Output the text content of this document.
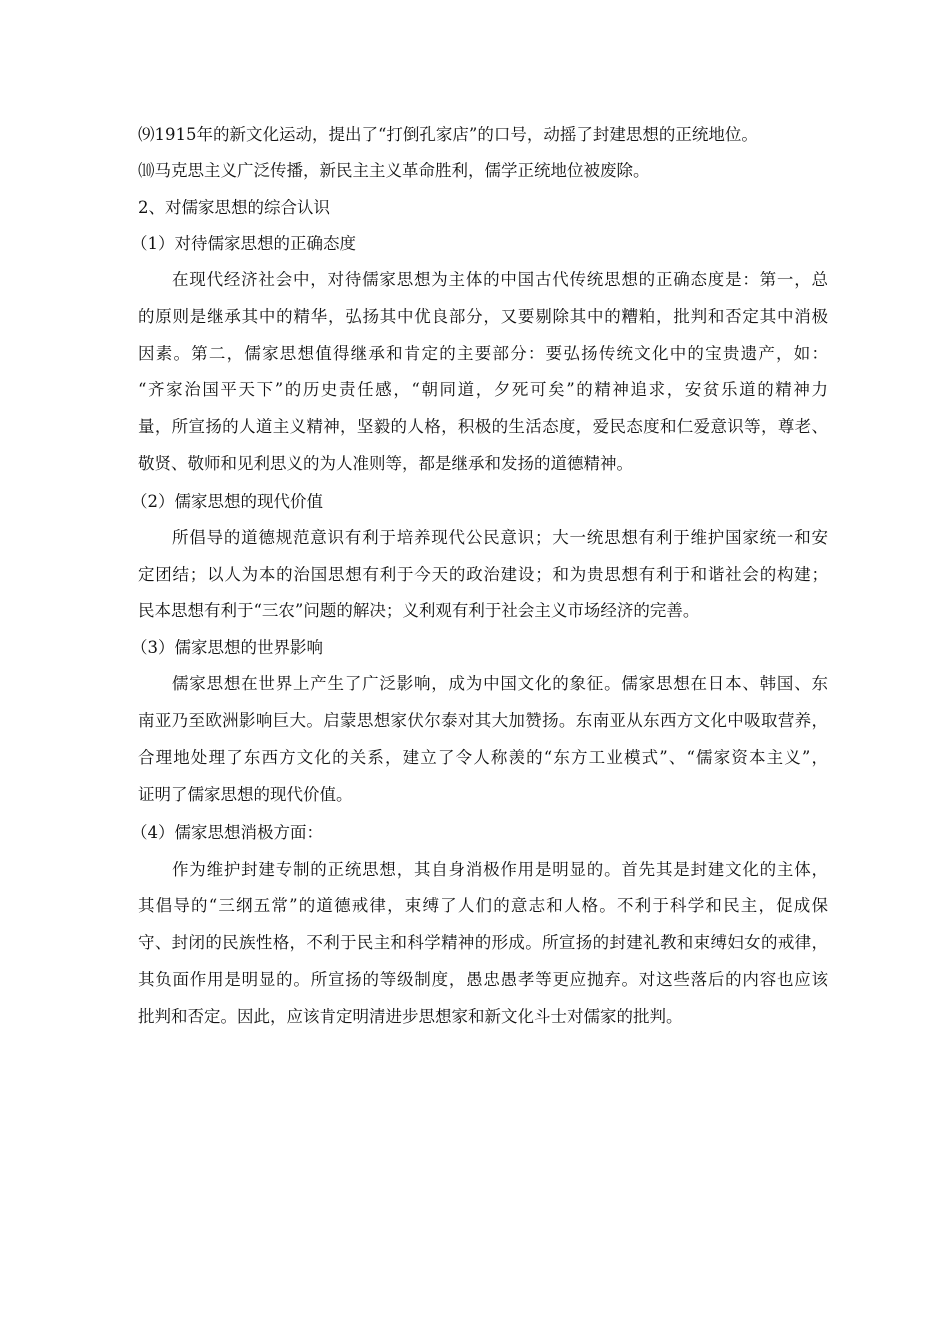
⑼1915年的新文化运动，提出了“打倒孔家店”的口号，动摇了封建思想的正统地位。
⑽马克思主义广泛传播，新民主主义革命胜利，儒学正统地位被废除。
2、对儒家思想的综合认识
（1）对待儒家思想的正确态度
在现代经济社会中，对待儒家思想为主体的中国古代传统思想的正确态度是：第一，总
的原则是继承其中的精华，弘扬其中优良部分，又要剔除其中的糟粕，批判和否定其中消极
因素。第二，儒家思想值得继承和肯定的主要部分：要弘扬传统文化中的宝贵遗产，如：
“齐家治国平天下”的历史责任感，“朝同道，夕死可矣”的精神追求，安贫乐道的精神力
量，所宣扬的人道主义精神，坚毅的人格，积极的生活态度，爱民态度和仁爱意识等，尊老、
敬贤、敬师和见利思义的为人准则等，都是继承和发扬的道德精神。
（2）儒家思想的现代价值
所倡导的道德规范意识有利于培养现代公民意识；大一统思想有利于维护国家统一和安
定团结；以人为本的治国思想有利于今天的政治建设；和为贵思想有利于和谐社会的构建；
民本思想有利于“三农”问题的解决；义利观有利于社会主义市场经济的完善。
（3）儒家思想的世界影响
儒家思想在世界上产生了广泛影响，成为中国文化的象征。儒家思想在日本、韩国、东
南亚乃至欧洲影响巨大。启蒙思想家伏尔泰对其大加赞扬。东南亚从东西方文化中吸取营养，
合理地处理了东西方文化的关系，建立了令人称羡的“东方工业模式”、“儒家资本主义”，
证明了儒家思想的现代价值。
（4）儒家思想消极方面：
作为维护封建专制的正统思想，其自身消极作用是明显的。首先其是封建文化的主体，
其倡导的“三纲五常”的道德戒律，束缚了人们的意志和人格。不利于科学和民主，促成保
守、封闭的民族性格，不利于民主和科学精神的形成。所宣扬的封建礼教和束缚妇女的戒律，
其负面作用是明显的。所宣扬的等级制度，愚忠愚孝等更应抛弃。对这些落后的内容也应该
批判和否定。因此，应该肯定明清进步思想家和新文化斗士对儒家的批判。
